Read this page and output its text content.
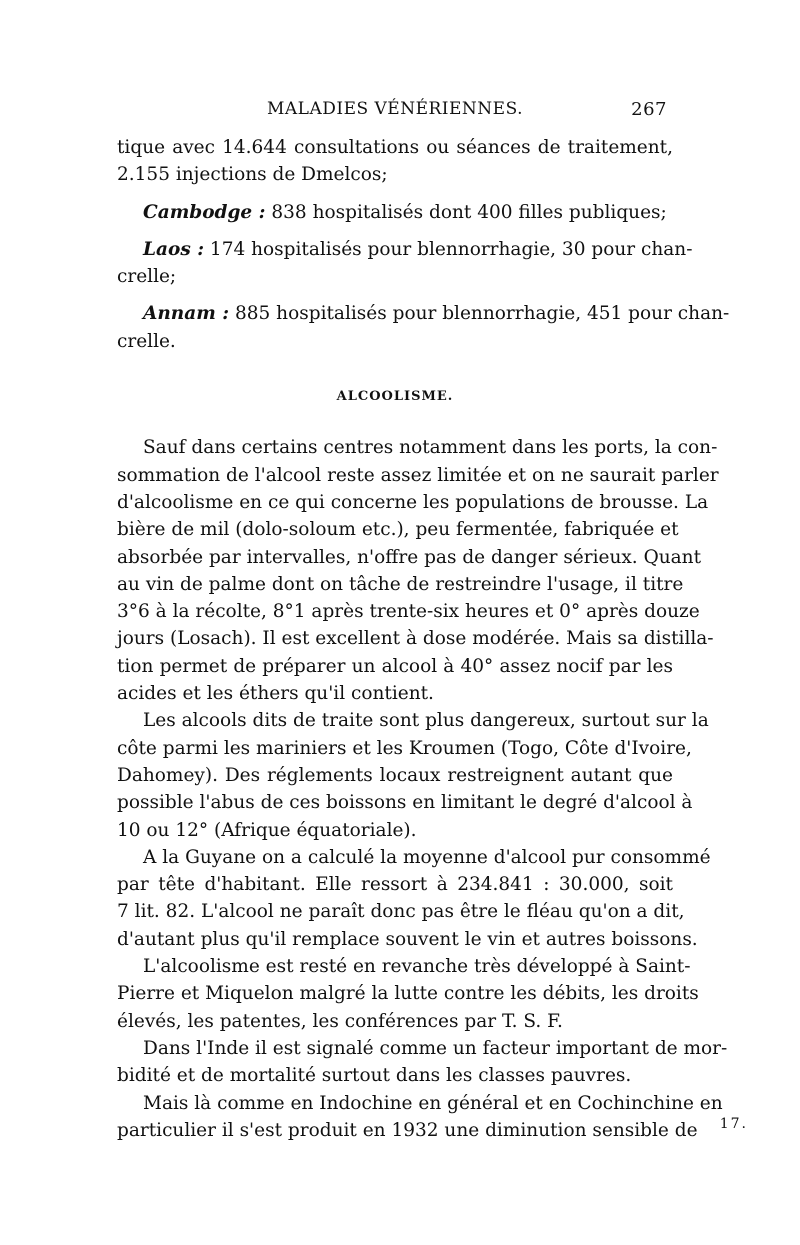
MALADIES VÉNÉRIENNES.	267
tique avec 14.644 consultations ou séances de traitement,
2.155 injections de Dmelcos;
Cambodge : 838 hospitalisés dont 400 filles publiques;
Laos : 174 hospitalisés pour blennorrhagie, 30 pour chan-
crelle;
Annam : 885 hospitalisés pour blennorrhagie, 451 pour chan-
crelle.
ALCOOLISME.
Sauf dans certains centres notamment dans les ports, la con-
sommation de l'alcool reste assez limitée et on ne saurait parler
d'alcoolisme en ce qui concerne les populations de brousse. La
bière de mil (dolo-soloum etc.), peu fermentée, fabriquée et
absorbée par intervalles, n'offre pas de danger sérieux. Quant
au vin de palme dont on tâche de restreindre l'usage, il titre
3°6 à la récolte, 8°1 après trente-six heures et 0° après douze
jours (Losach). Il est excellent à dose modérée. Mais sa distilla-
tion permet de préparer un alcool à 40° assez nocif par les
acides et les éthers qu'il contient.
Les alcools dits de traite sont plus dangereux, surtout sur la
côte parmi les mariniers et les Kroumen (Togo, Côte d'Ivoire,
Dahomey). Des réglements locaux restreignent autant que
possible l'abus de ces boissons en limitant le degré d'alcool à
10 ou 12° (Afrique équatoriale).
A la Guyane on a calculé la moyenne d'alcool pur consommé
par tête d'habitant. Elle ressort à 234.841 : 30.000, soit
7 lit. 82. L'alcool ne paraît donc pas être le fléau qu'on a dit,
d'autant plus qu'il remplace souvent le vin et autres boissons.
L'alcoolisme est resté en revanche très développé à Saint-
Pierre et Miquelon malgré la lutte contre les débits, les droits
élevés, les patentes, les conférences par T. S. F.
Dans l'Inde il est signalé comme un facteur important de mor-
bidité et de mortalité surtout dans les classes pauvres.
Mais là comme en Indochine en général et en Cochinchine en
particulier il s'est produit en 1932 une diminution sensible de 17.
